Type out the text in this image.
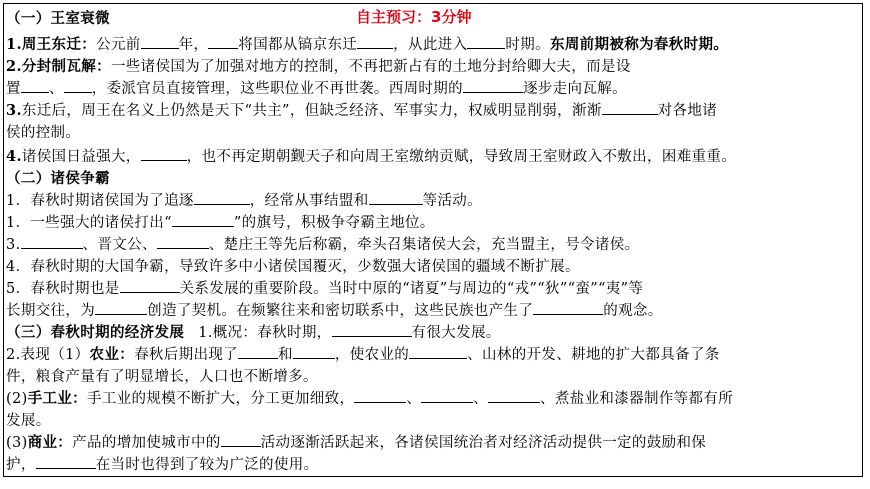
自主预习：3分钟
（一）王室衰微
1.周王东迁：公元前	年， 将国都从镐京东迁 ，从此进入	时期。东周前期被称为春秋时期。
2.分封制瓦解：一些诸侯国为了加强对地方的控制，不再把新占有的土地分封给卿大夫，而是设
置 、 ，委派官员直接管理，这些职位业不再世袭。西周时期的	逐步走向瓦解。
3.东迁后，周王在名义上仍然是天下“共主”，但缺乏经济、军事实力，权威明显削弱，渐渐	对各地诸
侯的控制。
4.诸侯国日益强大，	，也不再定期朝觐天子和向周王室缴纳贡赋，导致周王室财政入不敷出，困难重重。
（二）诸侯争霸
1．春秋时期诸侯国为了追逐	，经常从事结盟和	等活动。
1．一些强大的诸侯打出“	”的旗号，积极争夺霸主地位。
3.	、晋文公、	、楚庄王等先后称霸，牵头召集诸侯大会，充当盟主，号令诸侯。
4．春秋时期的大国争霸，导致许多中小诸侯国覆灭，少数强大诸侯国的疆域不断扩展。
5．春秋时期也是	关系发展的重要阶段。当时中原的“诸夏”与周边的“戎”“狄”“蛮”“夷”等
长期交往，为	创造了契机。在频繁往来和密切联系中，这些民族也产生了	的观念。
（三）春秋时期的经济发展 1.概况：春秋时期，	有很大发展。
2.表现（1）农业：春秋后期出现了	和	，使农业的	、山林的开发、耕地的扩大都具备了条
件，粮食产量有了明显增长，人口也不断增多。
(2)手工业：手工业的规模不断扩大，分工更加细致，	、	、	、煮盐业和漆器制作等都有所
发展。
(3)商业：产品的增加使城市中的	活动逐渐活跃起来，各诸侯国统治者对经济活动提供一定的鼓励和保
护，	在当时也得到了较为广泛的使用。
